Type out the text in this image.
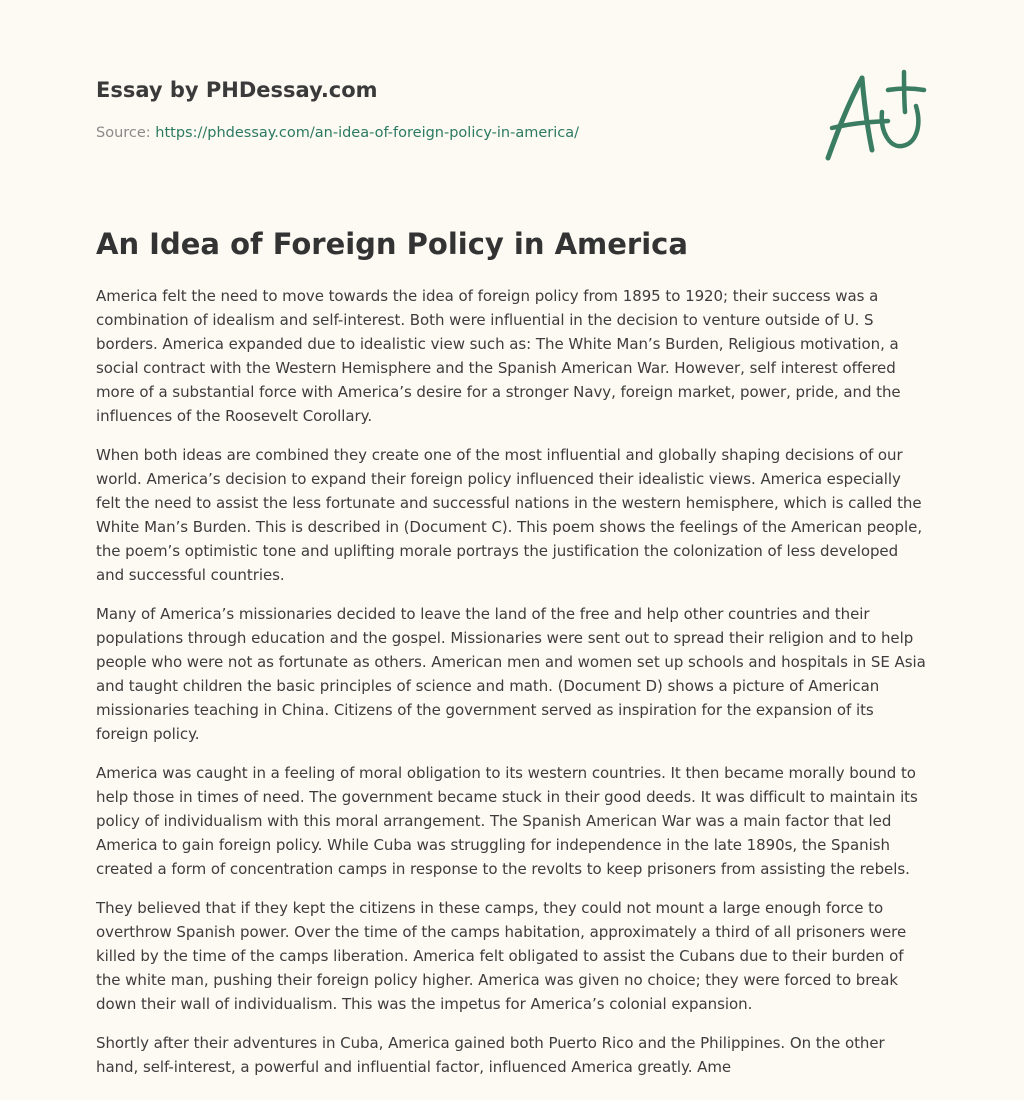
Essay by PHDessay.com
Source: https://phdessay.com/an-idea-of-foreign-policy-in-america/
An Idea of Foreign Policy in America

America felt the need to move towards the idea of foreign policy from 1895 to 1920; their success was a combination of idealism and self-interest. Both were influential in the decision to venture outside of U. S borders. America expanded due to idealistic view such as: The White Man’s Burden, Religious motivation, a social contract with the Western Hemisphere and the Spanish American War. However, self interest offered more of a substantial force with America’s desire for a stronger Navy, foreign market, power, pride, and the influences of the Roosevelt Corollary.

When both ideas are combined they create one of the most influential and globally shaping decisions of our world. America’s decision to expand their foreign policy influenced their idealistic views. America especially felt the need to assist the less fortunate and successful nations in the western hemisphere, which is called the White Man’s Burden. This is described in (Document C). This poem shows the feelings of the American people, the poem’s optimistic tone and uplifting morale portrays the justification the colonization of less developed and successful countries.

Many of America’s missionaries decided to leave the land of the free and help other countries and their populations through education and the gospel. Missionaries were sent out to spread their religion and to help people who were not as fortunate as others. American men and women set up schools and hospitals in SE Asia and taught children the basic principles of science and math. (Document D) shows a picture of American missionaries teaching in China. Citizens of the government served as inspiration for the expansion of its foreign policy.

America was caught in a feeling of moral obligation to its western countries. It then became morally bound to help those in times of need. The government became stuck in their good deeds. It was difficult to maintain its policy of individualism with this moral arrangement. The Spanish American War was a main factor that led America to gain foreign policy. While Cuba was struggling for independence in the late 1890s, the Spanish created a form of concentration camps in response to the revolts to keep prisoners from assisting the rebels.

They believed that if they kept the citizens in these camps, they could not mount a large enough force to overthrow Spanish power. Over the time of the camps habitation, approximately a third of all prisoners were killed by the time of the camps liberation. America felt obligated to assist the Cubans due to their burden of the white man, pushing their foreign policy higher. America was given no choice; they were forced to break down their wall of individualism. This was the impetus for America’s colonial expansion.

Shortly after their adventures in Cuba, America gained both Puerto Rico and the Philippines. On the other hand, self-interest, a powerful and influential factor, influenced America greatly. Ame
